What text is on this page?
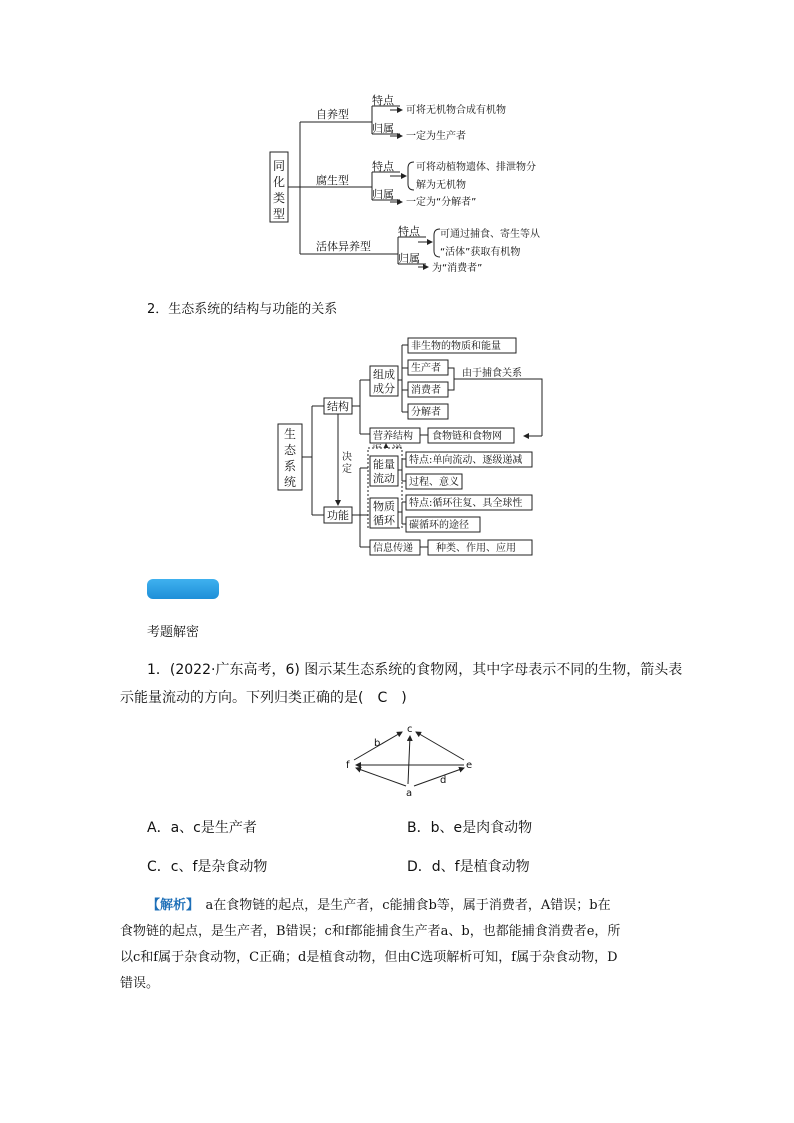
同
化
类
型
自养型
特点
归属
可将无机物合成有机物
一定为生产者
腐生型
特点
归属
可将动植物遗体、排泄物分
解为无机物
一定为“分解者”
活体异养型
特点
归属
可通过捕食、寄生等从
“活体”获取有机物
为“消费者”
2．生态系统的结构与功能的关系
生
态
系
统
结构
功能
决
定
组成
成分
非生物的物质和能量
生产者
消费者
分解者
由于捕食关系
营养结构 食物链和食物网
能量
流动
特点:单向流动、逐级递减
过程、意义
物质
循环
特点:循环往复、具全球性
碳循环的途径
信息传递 种类、作用、应用
考题解密
1．(2022·广东高考，6) 图示某生态系统的食物网，其中字母表示不同的生物，箭头表
示能量流动的方向。下列归类正确的是(　C　)
c
f	e
a
b
d
A．a、c是生产者	B．b、e是肉食动物
C．c、f是杂食动物	D．d、f是植食动物
【解析】　a在食物链的起点，是生产者，c能捕食b等，属于消费者，A错误；b在
食物链的起点，是生产者，B错误；c和f都能捕食生产者a、b，也都能捕食消费者e，所
以c和f属于杂食动物，C正确；d是植食动物，但由C选项解析可知，f属于杂食动物，D
错误。
